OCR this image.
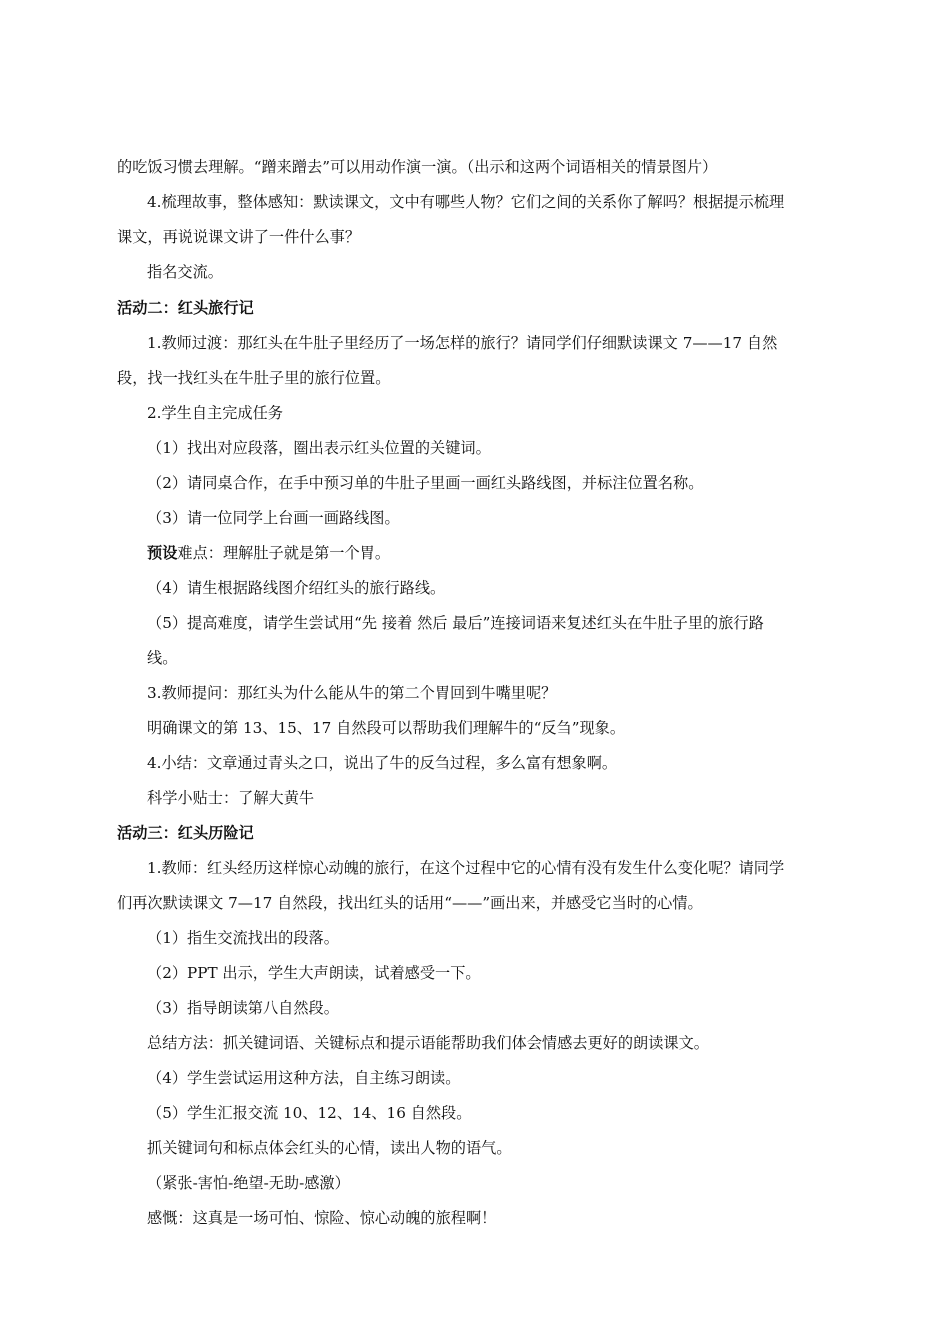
的吃饭习惯去理解。“蹭来蹭去”可以用动作演一演。（出示和这两个词语相关的情景图片）
4.梳理故事，整体感知：默读课文，文中有哪些人物？它们之间的关系你了解吗？根据提示梳理
课文，再说说课文讲了一件什么事？
指名交流。
活动二：红头旅行记
1.教师过渡：那红头在牛肚子里经历了一场怎样的旅行？请同学们仔细默读课文 7——17 自然
段，找一找红头在牛肚子里的旅行位置。
2.学生自主完成任务
（1）找出对应段落，圈出表示红头位置的关键词。
（2）请同桌合作，在手中预习单的牛肚子里画一画红头路线图，并标注位置名称。
（3）请一位同学上台画一画路线图。
预设难点：理解肚子就是第一个胃。
（4）请生根据路线图介绍红头的旅行路线。
（5）提高难度，请学生尝试用“先 接着 然后 最后”连接词语来复述红头在牛肚子里的旅行路
线。
3.教师提问：那红头为什么能从牛的第二个胃回到牛嘴里呢？
明确课文的第 13、15、17 自然段可以帮助我们理解牛的“反刍”现象。
4.小结：文章通过青头之口，说出了牛的反刍过程，多么富有想象啊。
科学小贴士：了解大黄牛
活动三：红头历险记
1.教师：红头经历这样惊心动魄的旅行，在这个过程中它的心情有没有发生什么变化呢？请同学
们再次默读课文 7—17 自然段，找出红头的话用“——”画出来，并感受它当时的心情。
（1）指生交流找出的段落。
（2）PPT 出示，学生大声朗读，试着感受一下。
（3）指导朗读第八自然段。
总结方法：抓关键词语、关键标点和提示语能帮助我们体会情感去更好的朗读课文。
（4）学生尝试运用这种方法，自主练习朗读。
（5）学生汇报交流 10、12、14、16 自然段。
抓关键词句和标点体会红头的心情，读出人物的语气。
（紧张-害怕-绝望-无助-感激）
感慨：这真是一场可怕、惊险、惊心动魄的旅程啊！
